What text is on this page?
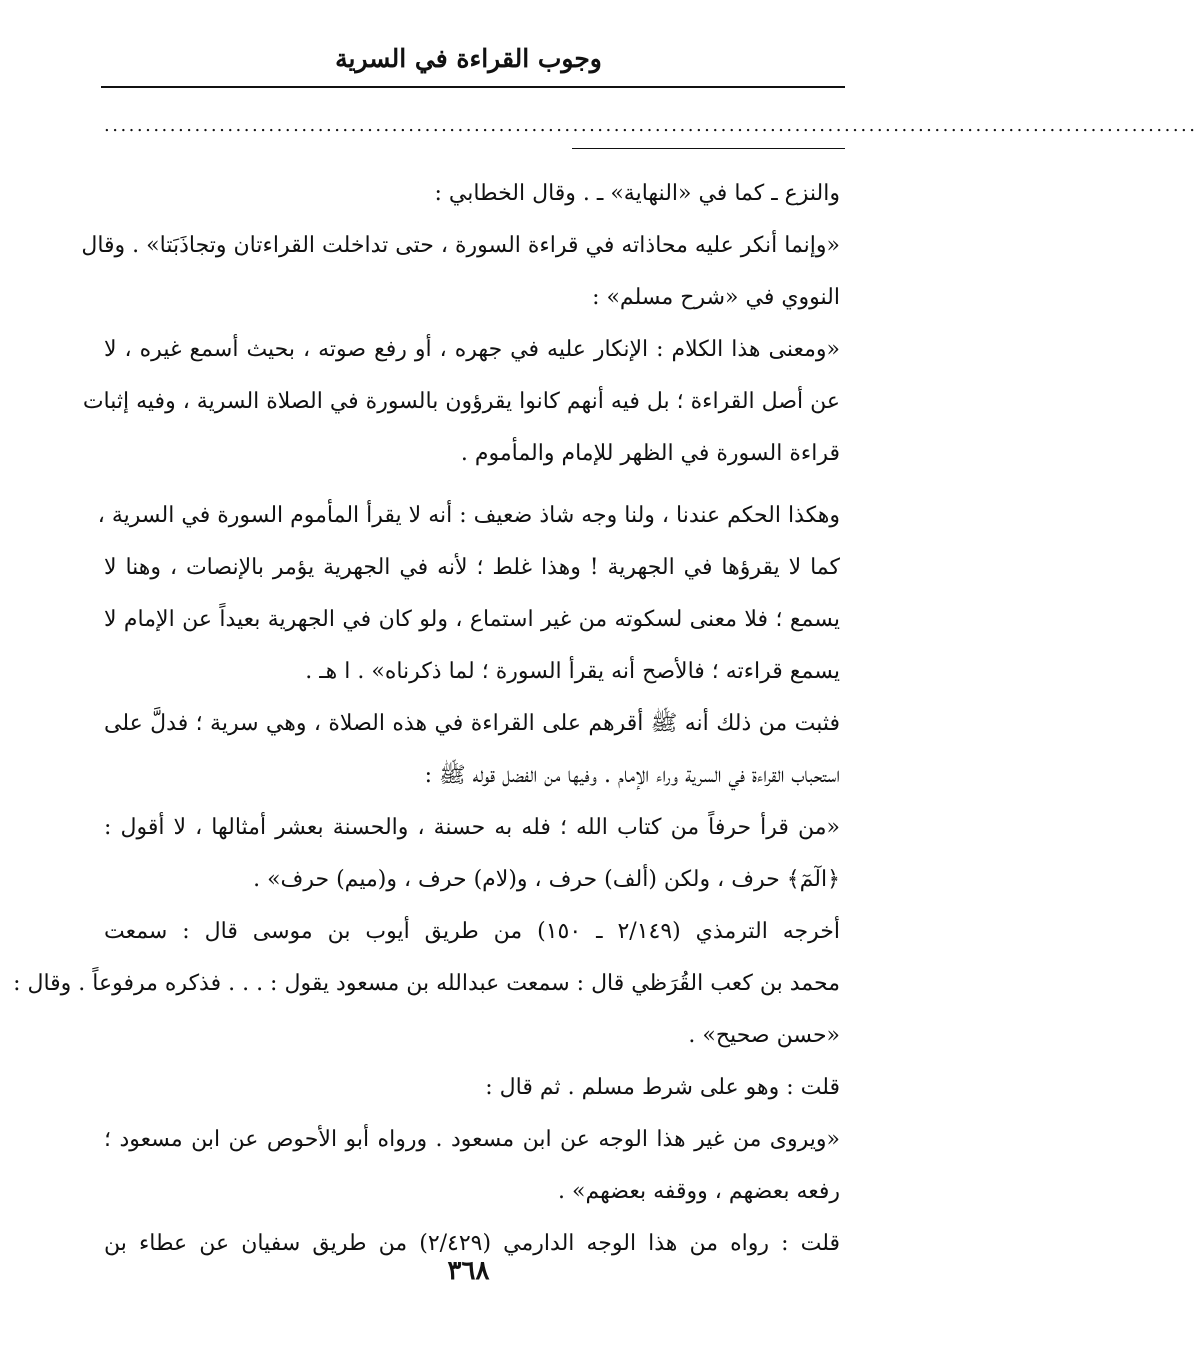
وجوب القراءة في السرية
.....................................................................................................................................

والنزع ـ كما في «النهاية» ـ . وقال الخطابي :

«وإنما أنكر عليه محاذاته في قراءة السورة ، حتى تداخلت القراءتان وتجاذَبَتا» . وقال
النووي في «شرح مسلم» :

«ومعنى هذا الكلام : الإنكار عليه في جهره ، أو رفع صوته ، بحيث أسمع غيره ، لا
عن أصل القراءة ؛ بل فيه أنهم كانوا يقرؤون بالسورة في الصلاة السرية ، وفيه إثبات
قراءة السورة في الظهر للإمام والمأموم .

وهكذا الحكم عندنا ، ولنا وجه شاذ ضعيف : أنه لا يقرأ المأموم السورة في السرية ،
كما لا يقرؤها في الجهرية ! وهذا غلط ؛ لأنه في الجهرية يؤمر بالإنصات ، وهنا لا
يسمع ؛ فلا معنى لسكوته من غير استماع ، ولو كان في الجهرية بعيداً عن الإمام لا
يسمع قراءته ؛ فالأصح أنه يقرأ السورة ؛ لما ذكرناه» . ا هـ .

فثبت من ذلك أنه ﷺ أقرهم على القراءة في هذه الصلاة ، وهي سرية ؛ فدلَّ على
استحباب القراءة في السرية وراء الإمام . وفيها من الفضل قوله ﷺ :

«من قرأ حرفاً من كتاب الله ؛ فله به حسنة ، والحسنة بعشر أمثالها ، لا أقول :
﴿الٓمٓ﴾ حرف ، ولكن (ألف) حرف ، و(لام) حرف ، و(ميم) حرف» .

أخرجه الترمذي (٢/١٤٩ ـ ١٥٠) من طريق أيوب بن موسى قال : سمعت
محمد بن كعب القُرَظي قال : سمعت عبدالله بن مسعود يقول : . . . فذكره مرفوعاً . وقال :
«حسن صحيح» .

قلت : وهو على شرط مسلم . ثم قال :

«ويروى من غير هذا الوجه عن ابن مسعود . ورواه أبو الأحوص عن ابن مسعود ؛
رفعه بعضهم ، ووقفه بعضهم» .

قلت : رواه من هذا الوجه الدارمي (٢/٤٢٩) من طريق سفيان عن عطاء بن

٣٦٨
